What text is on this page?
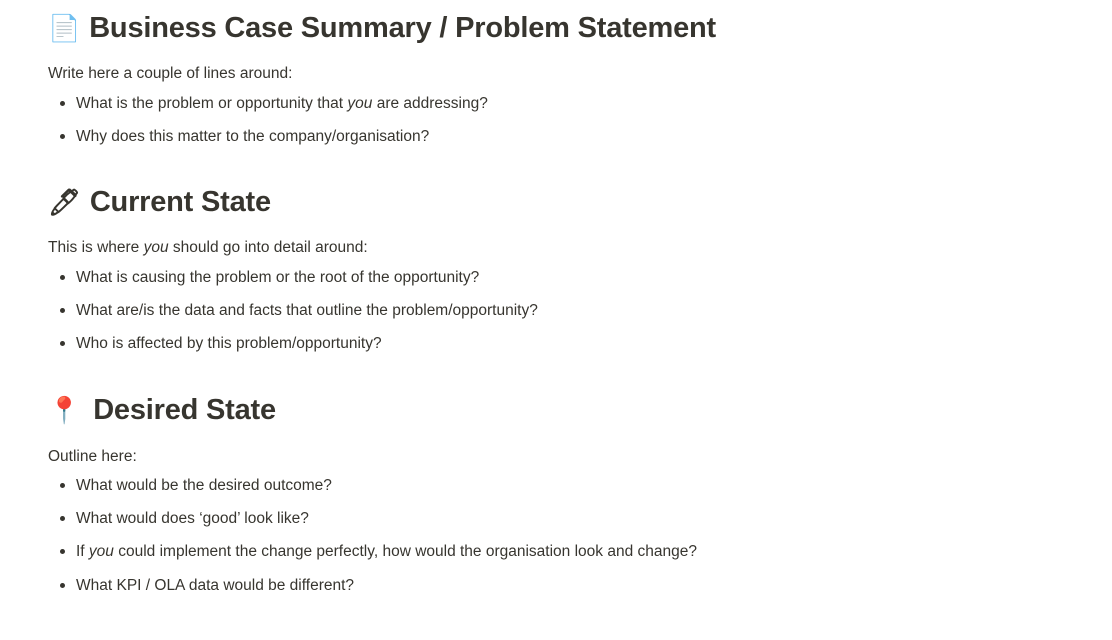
📄 Business Case Summary / Problem Statement

Write here a couple of lines around:

What is the problem or opportunity that you are addressing?
Why does this matter to the company/organisation?
🖊 Current State

This is where you should go into detail around:

What is causing the problem or the root of the opportunity?
What are/is the data and facts that outline the problem/opportunity?
Who is affected by this problem/opportunity?
📍 Desired State

Outline here:

What would be the desired outcome?
What would does ‘good’ look like?
If you could implement the change perfectly, how would the organisation look and change?
What KPI / OLA data would be different?
